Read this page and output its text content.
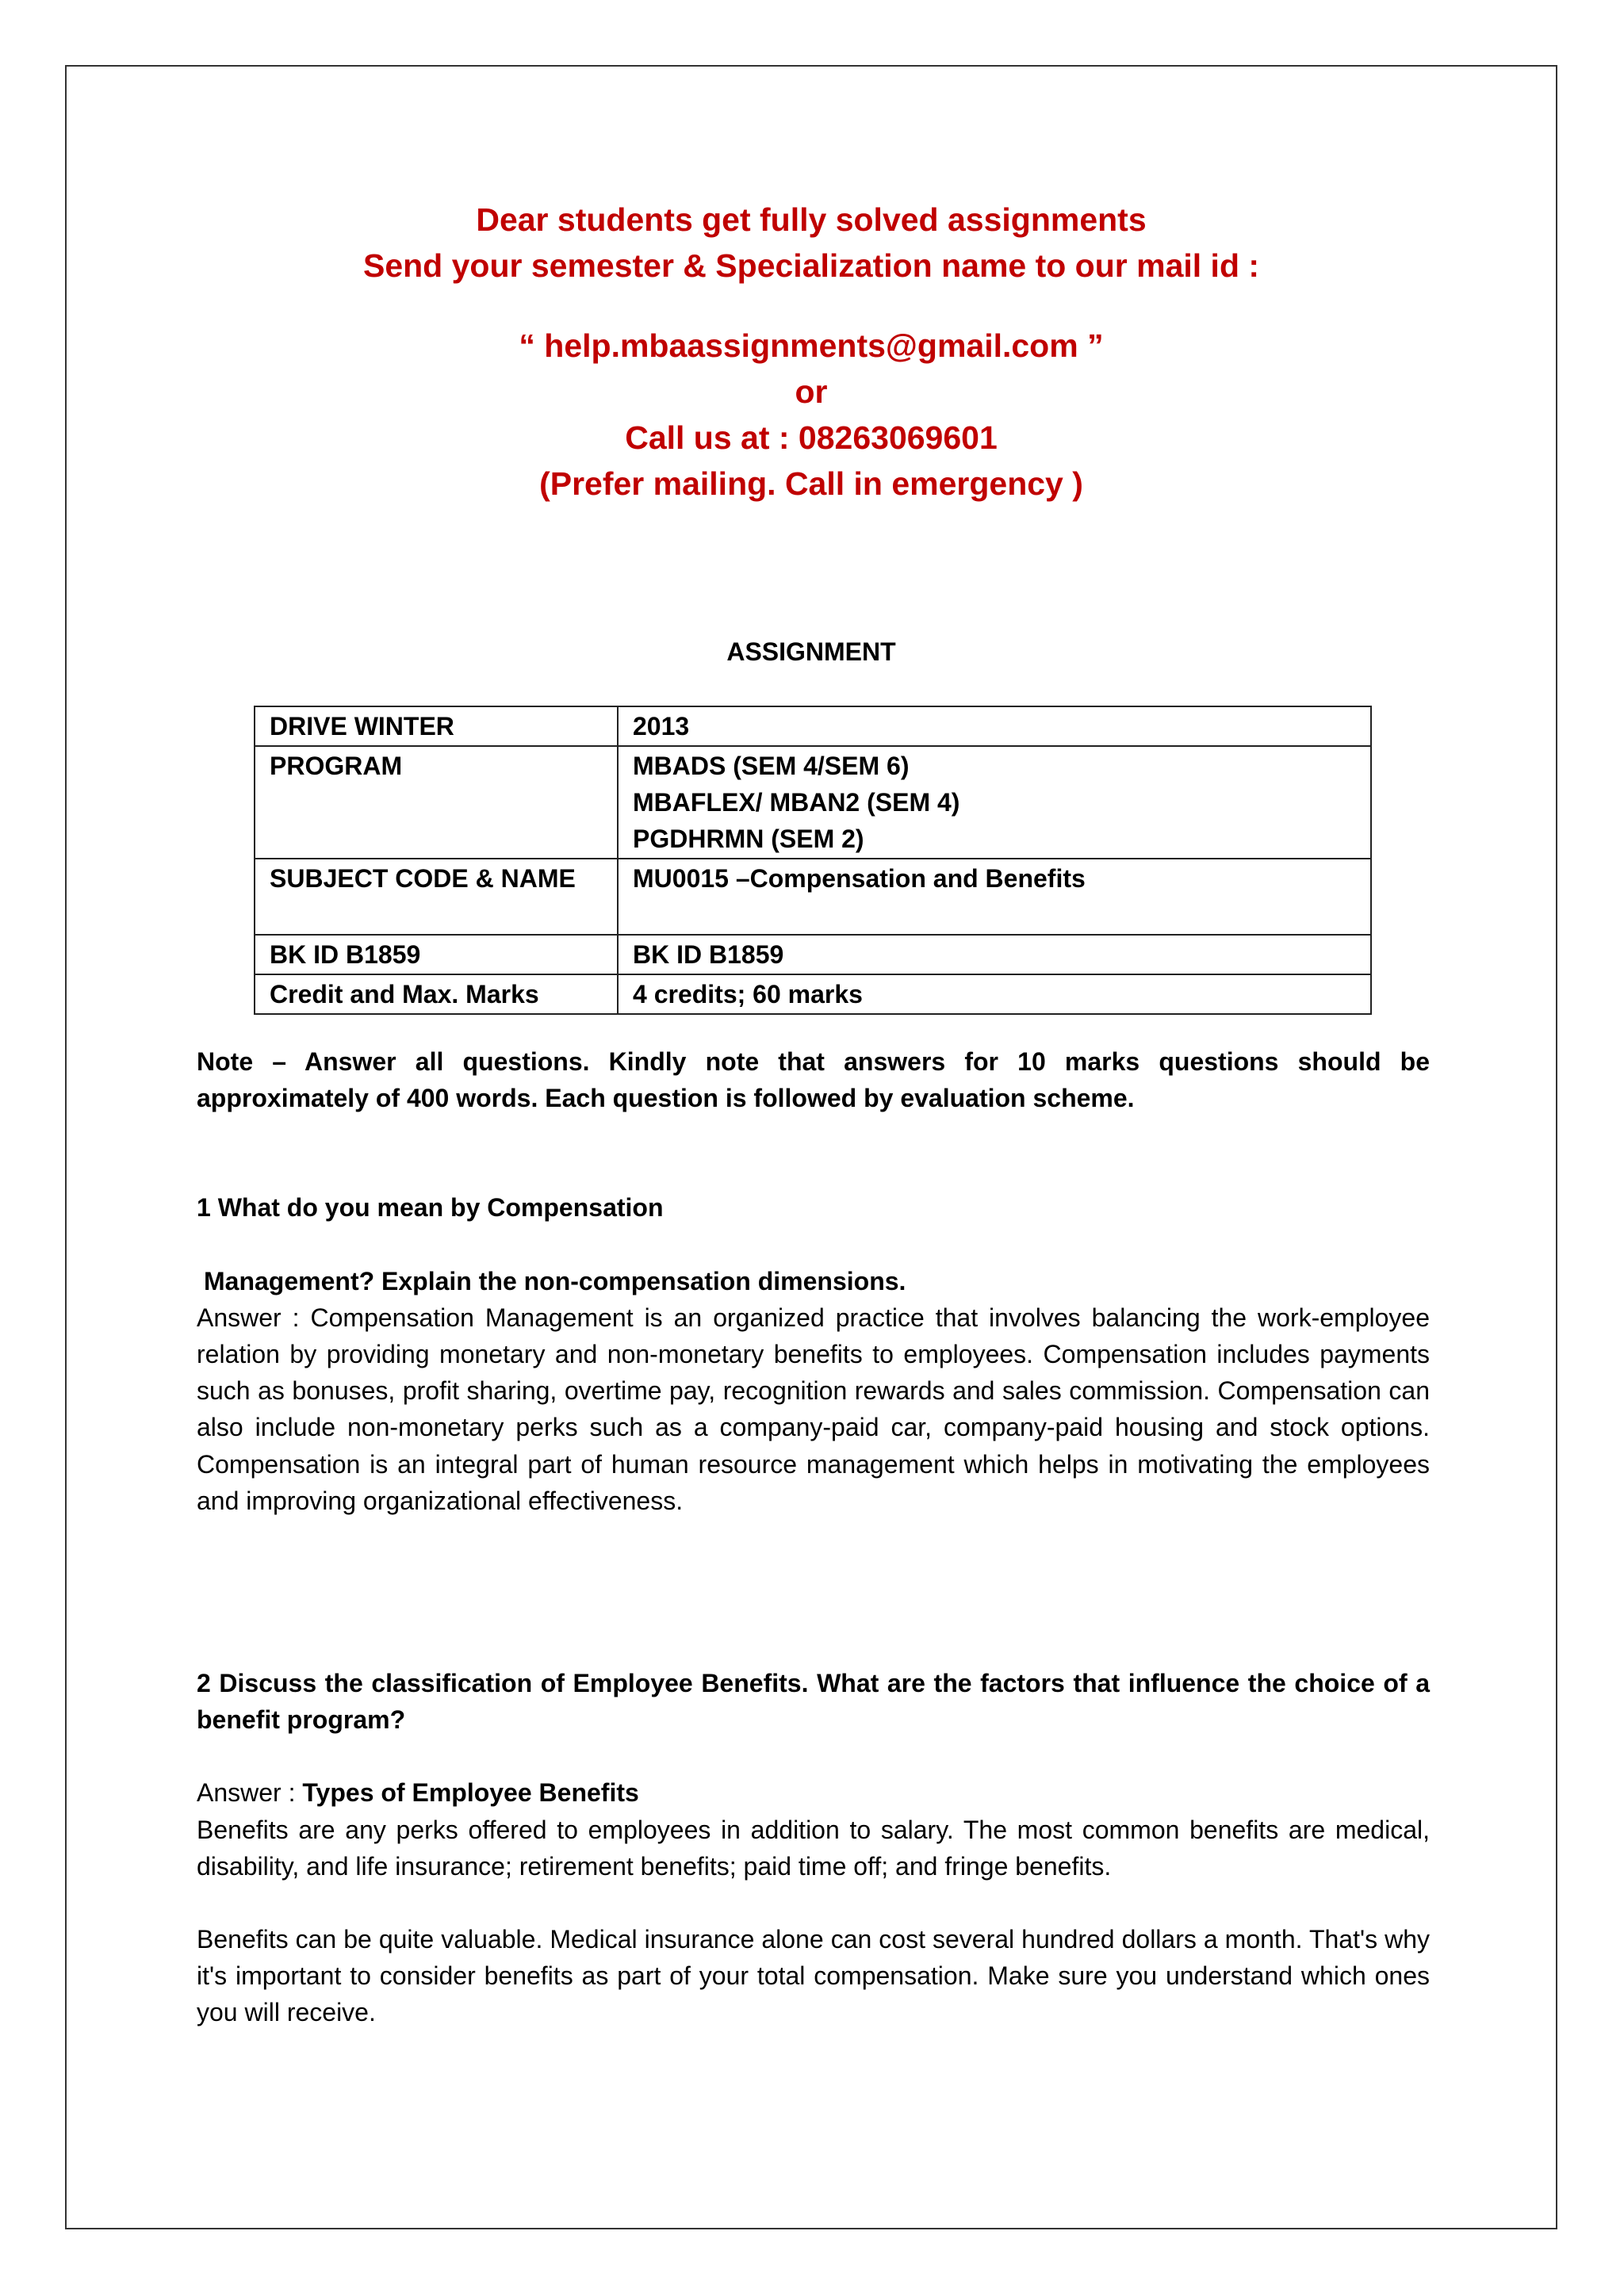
Dear students get fully solved assignments
Send your semester & Specialization name to our mail id :
“ help.mbaassignments@gmail.com ”
or
Call us at : 08263069601
(Prefer mailing. Call in emergency )
ASSIGNMENT
DRIVE WINTER	2013

PROGRAM	MBADS (SEM 4/SEM 6)
MBAFLEX/ MBAN2 (SEM 4)
PGDHRMN (SEM 2)

SUBJECT CODE & NAME	MU0015 –Compensation and Benefits

BK ID B1859	BK ID B1859

Credit and Max. Marks	4 credits; 60 marks

Note – Answer all questions. Kindly note that answers for 10 marks questions should be approximately of 400 words. Each question is followed by evaluation scheme.

1 What do you mean by Compensation

Management? Explain the non-compensation dimensions.

Answer : Compensation Management is an organized practice that involves balancing the work-employee relation by providing monetary and non-monetary benefits to employees. Compensation includes payments such as bonuses, profit sharing, overtime pay, recognition rewards and sales commission. Compensation can also include non-monetary perks such as a company-paid car, company-paid housing and stock options. Compensation is an integral part of human resource management which helps in motivating the employees and improving organizational effectiveness.

2 Discuss the classification of Employee Benefits. What are the factors that influence the choice of a benefit program?

Answer : Types of Employee Benefits

Benefits are any perks offered to employees in addition to salary. The most common benefits are medical, disability, and life insurance; retirement benefits; paid time off; and fringe benefits.

Benefits can be quite valuable. Medical insurance alone can cost several hundred dollars a month. That's why it's important to consider benefits as part of your total compensation. Make sure you understand which ones you will receive.
